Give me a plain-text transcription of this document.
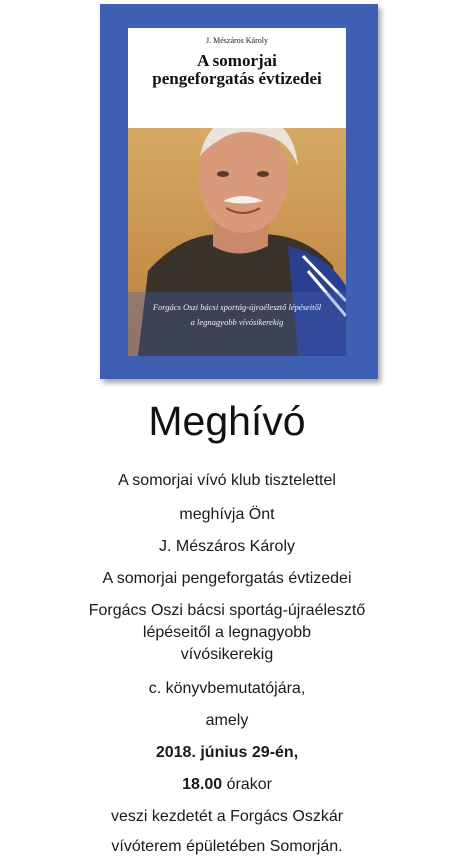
J. Mészáros Károly
A somorjai
pengeforgatás évtizedei
Forgács Oszi bácsi sportág-újraélesztő lépéseitől
a legnagyobb vívósikerekig
Meghívó
A somorjai vívó klub tisztelettel
meghívja Önt
J. Mészáros Károly
A somorjai pengeforgatás évtizedei
Forgács Oszi bácsi sportág-újraélesztő
lépéseitől a legnagyobb
vívósikerekig
c. könyvbemutatójára,
amely
2018. június 29-én,
18.00 órakor
veszi kezdetét a Forgács Oszkár
vívóterem épületében Somorján.
